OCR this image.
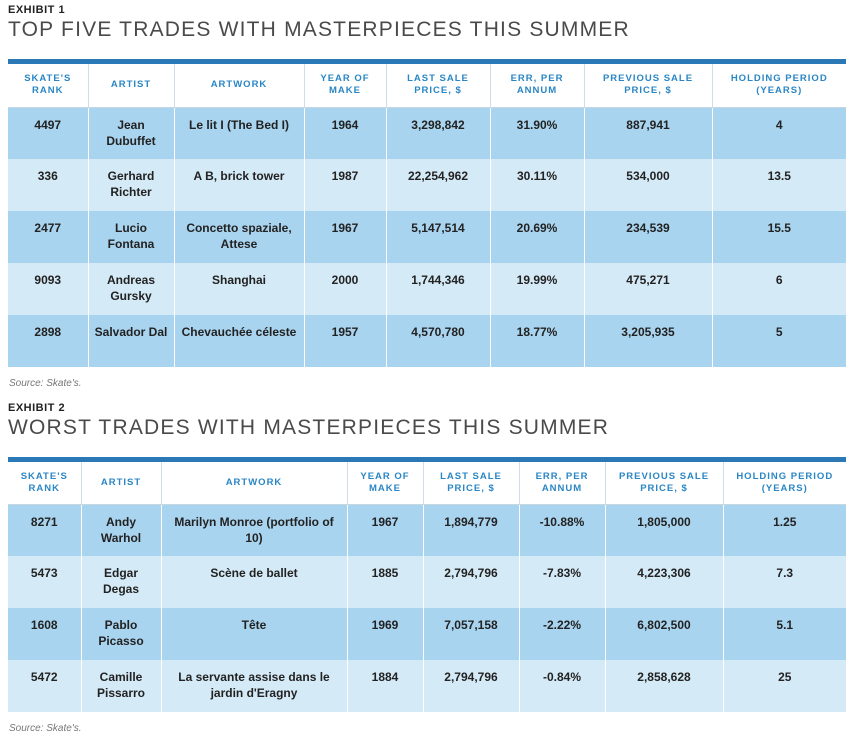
EXHIBIT 1
TOP FIVE TRADES WITH MASTERPIECES THIS SUMMER
SKATE'S RANK	ARTIST	ARTWORK	YEAR OF MAKE	LAST SALE PRICE, $	ERR, PER ANNUM	PREVIOUS SALE PRICE, $	HOLDING PERIOD (YEARS)
4497	Jean Dubuffet	Le lit I (The Bed I)	1964	3,298,842	31.90%	887,941	4
336	Gerhard Richter	A B, brick tower	1987	22,254,962	30.11%	534,000	13.5
2477	Lucio Fontana	Concetto spaziale, Attese	1967	5,147,514	20.69%	234,539	15.5
9093	Andreas Gursky	Shanghai	2000	1,744,346	19.99%	475,271	6
2898	Salvador Dal	Chevauchée céleste	1957	4,570,780	18.77%	3,205,935	5
Source: Skate's.
EXHIBIT 2
WORST TRADES WITH MASTERPIECES THIS SUMMER
SKATE'S RANK	ARTIST	ARTWORK	YEAR OF MAKE	LAST SALE PRICE, $	ERR, PER ANNUM	PREVIOUS SALE PRICE, $	HOLDING PERIOD (YEARS)
8271	Andy Warhol	Marilyn Monroe (portfolio of 10)	1967	1,894,779	-10.88%	1,805,000	1.25
5473	Edgar Degas	Scène de ballet	1885	2,794,796	-7.83%	4,223,306	7.3
1608	Pablo Picasso	Tête	1969	7,057,158	-2.22%	6,802,500	5.1
5472	Camille Pissarro	La servante assise dans le jardin d'Eragny	1884	2,794,796	-0.84%	2,858,628	25
Source: Skate's.
